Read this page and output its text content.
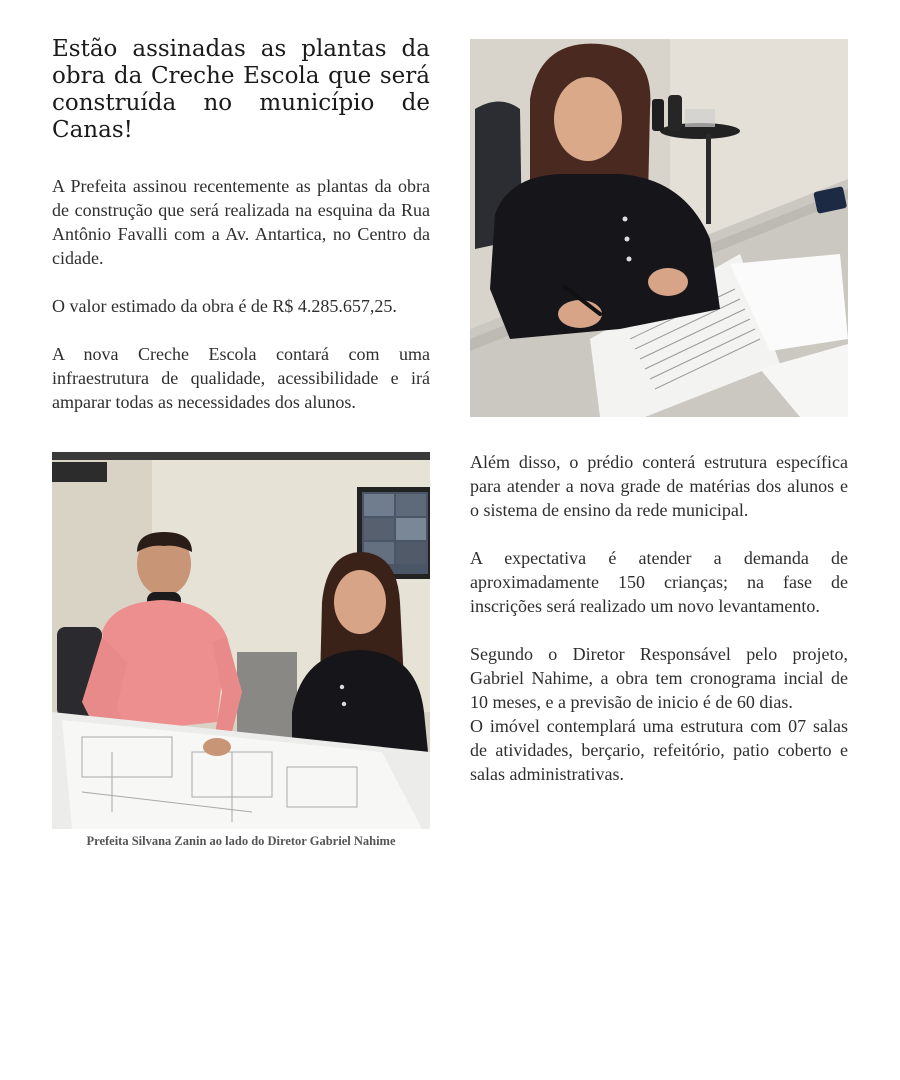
Estão assinadas as plantas da obra da Creche Escola que será construída no município de Canas!

A Prefeita assinou recentemente as plantas da obra de construção que será realizada na esquina da Rua Antônio Favalli com a Av. Antartica, no Centro da cidade.

O valor estimado da obra é de R$ 4.285.657,25.

A nova Creche Escola contará com uma infraestrutura de qualidade, acessibilidade e irá amparar todas as necessidades dos alunos.

Prefeita Silvana Zanin ao lado do Diretor Gabriel Nahime

Além disso, o prédio conterá estrutura específica para atender a nova grade de matérias dos alunos e o sistema de ensino da rede municipal.

A expectativa é atender a demanda de aproximadamente 150 crianças; na fase de inscrições será realizado um novo levantamento.

Segundo o Diretor Responsável pelo projeto, Gabriel Nahime, a obra tem cronograma incial de 10 meses, e a previsão de inicio é de 60 dias.

O imóvel contemplará uma estrutura com 07 salas de atividades, berçario, refeitório, patio coberto e salas administrativas.
